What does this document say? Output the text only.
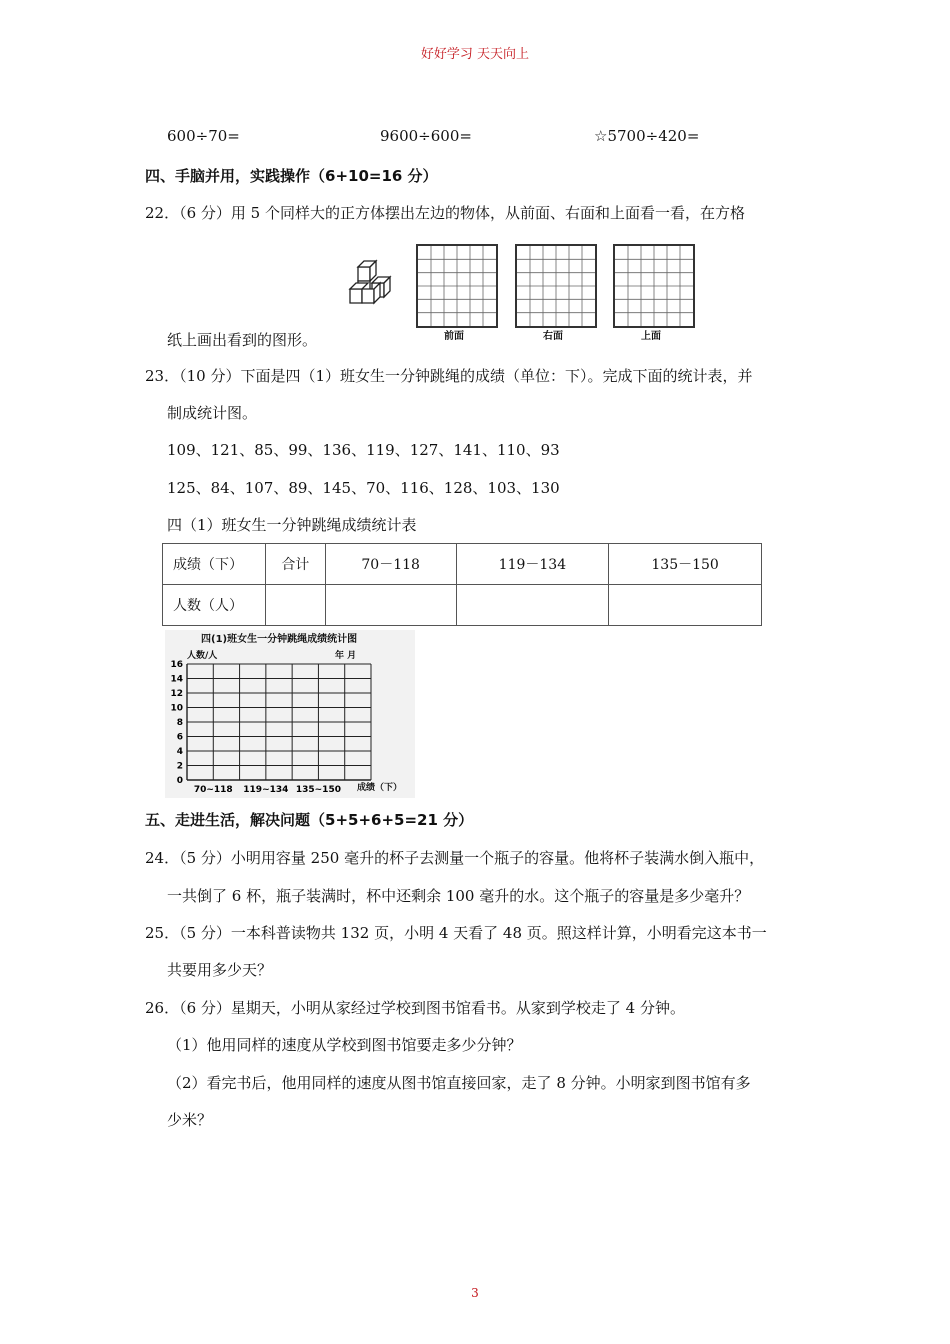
好好学习 天天向上
600÷70=	9600÷600=	☆5700÷420=
四、手脑并用，实践操作（6+10=16 分）
22．（6 分）用 5 个同样大的正方体摆出左边的物体，从前面、右面和上面看一看，在方格
前面	右面	上面
纸上画出看到的图形。
23．（10 分）下面是四（1）班女生一分钟跳绳的成绩（单位：下）。完成下面的统计表，并
制成统计图。
109、121、85、99、136、119、127、141、110、93
125、84、107、89、145、70、116、128、103、130
四（1）班女生一分钟跳绳成绩统计表
成绩（下）	合计	70－118	119－134	135－150
人数（人）				
四(1)班女生一分钟跳绳成绩统计图
人数/人	年 月
16
14
12
10
8
6
4
2
0
70~118 119~134 135~150 成绩（下）
五、走进生活，解决问题（5+5+6+5=21 分）
24．（5 分）小明用容量 250 毫升的杯子去测量一个瓶子的容量。他将杯子装满水倒入瓶中，
一共倒了 6 杯，瓶子装满时，杯中还剩余 100 毫升的水。这个瓶子的容量是多少毫升？
25．（5 分）一本科普读物共 132 页，小明 4 天看了 48 页。照这样计算，小明看完这本书一
共要用多少天？
26．（6 分）星期天，小明从家经过学校到图书馆看书。从家到学校走了 4 分钟。
（1）他用同样的速度从学校到图书馆要走多少分钟？
（2）看完书后，他用同样的速度从图书馆直接回家，走了 8 分钟。小明家到图书馆有多
少米？
3
